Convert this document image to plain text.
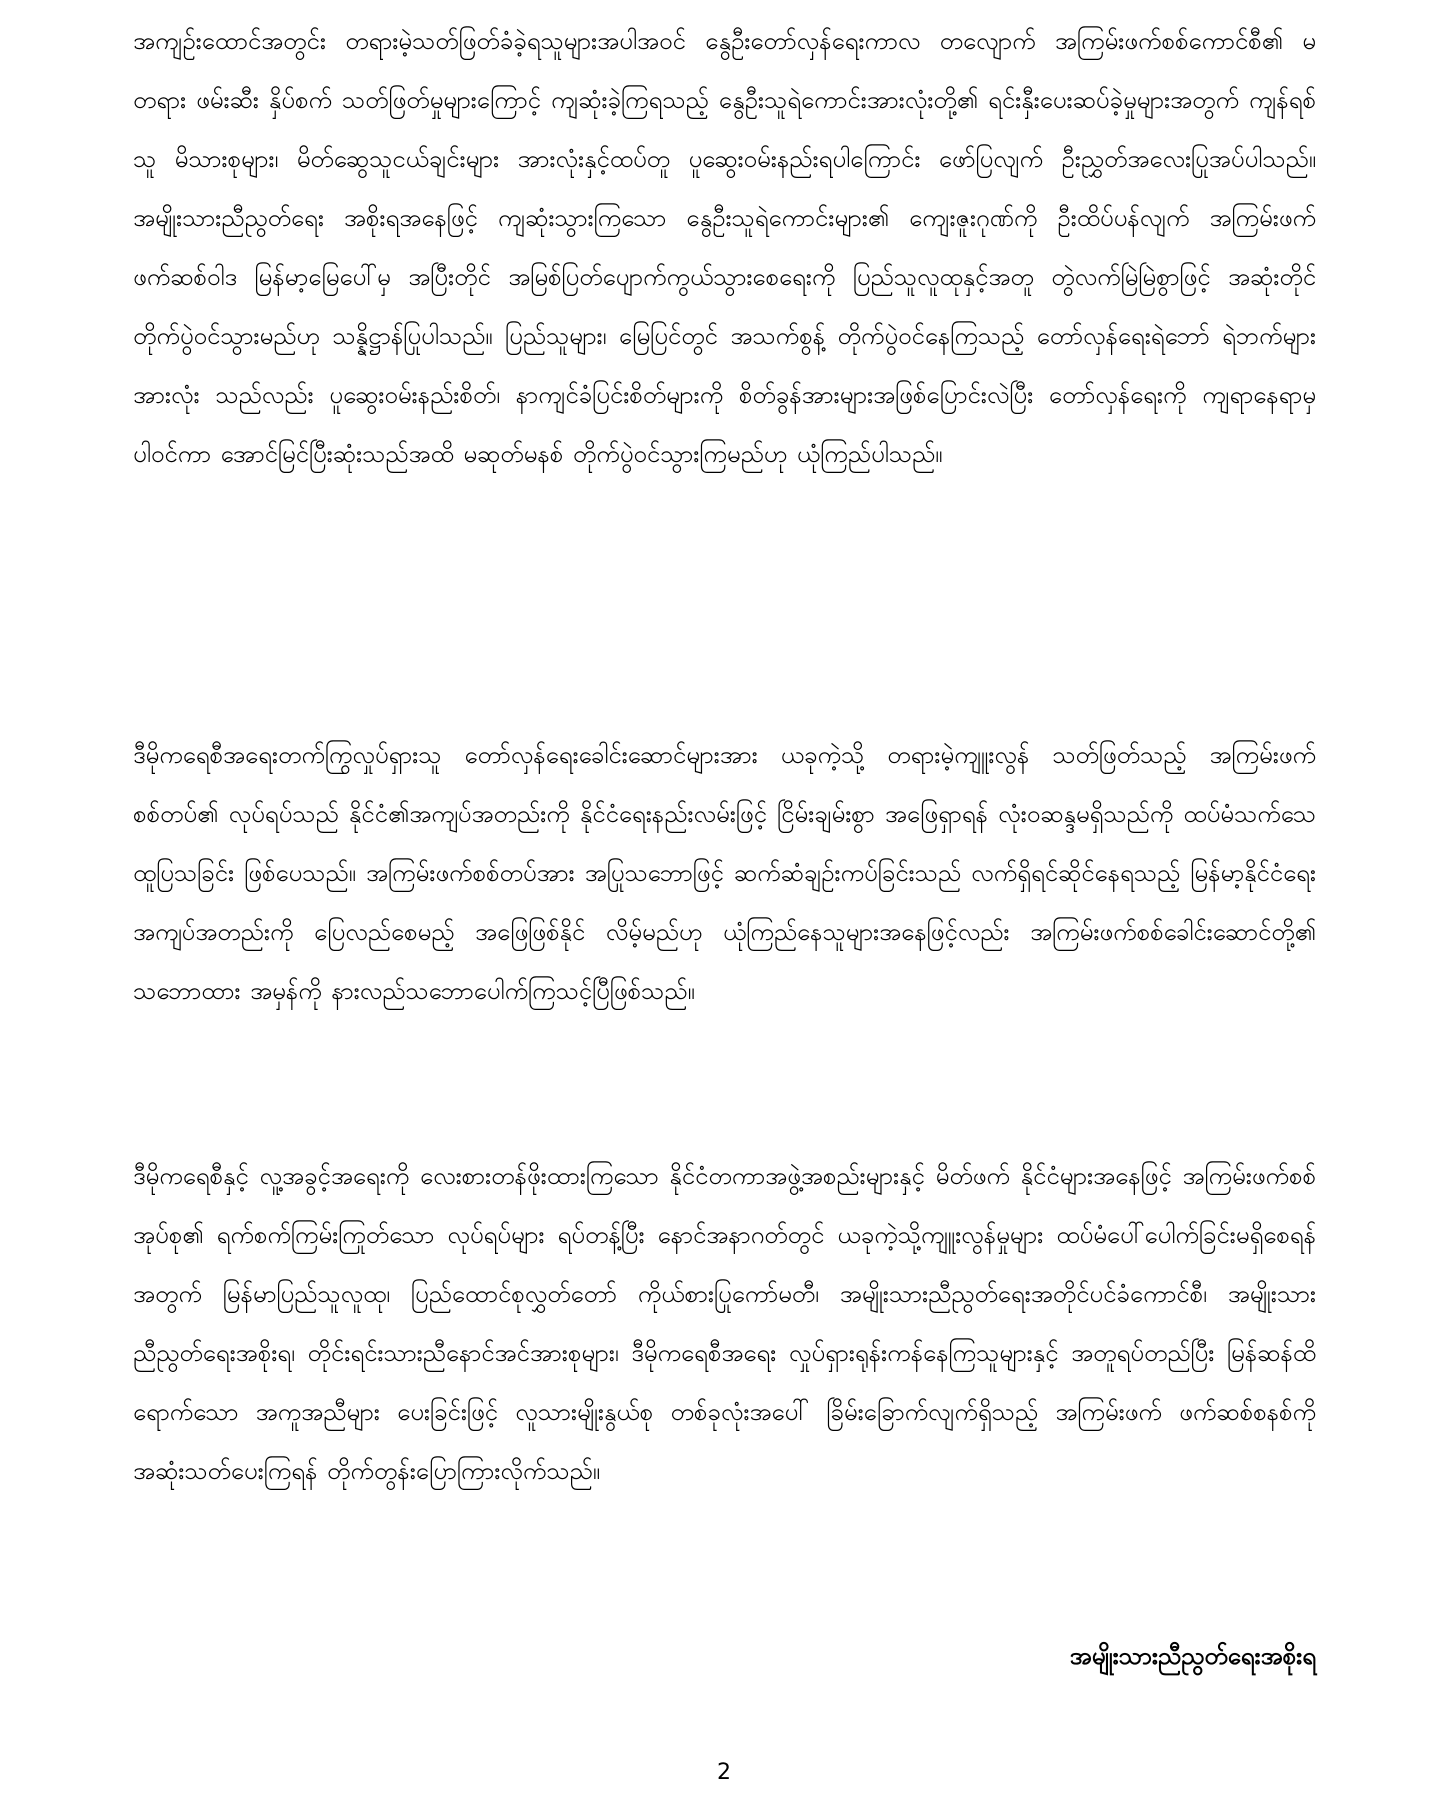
အကျဉ်းထောင်အတွင်း တရားမဲ့သတ်ဖြတ်ခံခဲ့ရသူများအပါအဝင် နွေဦးတော်လှန်ရေးကာလ တလျောက် အကြမ်းဖက်စစ်ကောင်စီ၏ မတရား ဖမ်းဆီး နှိပ်စက် သတ်ဖြတ်မှုများကြောင့် ကျဆုံးခဲ့ကြရသည့် နွေဦးသူရဲကောင်းအားလုံးတို့၏ ရင်းနှီးပေးဆပ်ခဲ့မှုများအတွက် ကျန်ရစ်သူ မိသားစုများ၊ မိတ်ဆွေသူငယ်ချင်းများ အားလုံးနှင့်ထပ်တူ ပူဆွေးဝမ်းနည်းရပါကြောင်း ဖော်ပြလျက် ဦးညွှတ်အလေးပြုအပ်ပါသည်။ အမျိုးသားညီညွတ်ရေး အစိုးရအနေဖြင့် ကျဆုံးသွားကြသော နွေဦးသူရဲကောင်းများ၏ ကျေးဇူးဂုဏ်ကို ဦးထိပ်ပန်လျက် အကြမ်းဖက် ဖက်ဆစ်ဝါဒ မြန်မာ့မြေပေါ်မှ အပြီးတိုင် အမြစ်ပြတ်ပျောက်ကွယ်သွားစေရေးကို ပြည်သူလူထုနှင့်အတူ တွဲလက်မြဲမြဲစွာဖြင့် အဆုံးတိုင် တိုက်ပွဲဝင်သွားမည်ဟု သန္နိဋ္ဌာန်ပြုပါသည်။ ပြည်သူများ၊ မြေပြင်တွင် အသက်စွန့် တိုက်ပွဲဝင်နေကြသည့် တော်လှန်ရေးရဲဘော် ရဲဘက်များအားလုံး သည်လည်း ပူဆွေးဝမ်းနည်းစိတ်၊ နာကျင်ခံပြင်းစိတ်များကို စိတ်ခွန်အားများအဖြစ်ပြောင်းလဲပြီး တော်လှန်ရေးကို ကျရာနေရာမှပါဝင်ကာ အောင်မြင်ပြီးဆုံးသည်အထိ မဆုတ်မနစ် တိုက်ပွဲဝင်သွားကြမည်ဟု ယုံကြည်ပါသည်။

ဒီမိုကရေစီအရေးတက်ကြွလှုပ်ရှားသူ တော်လှန်ရေးခေါင်းဆောင်များအား ယခုကဲ့သို့ တရားမဲ့ကျူးလွန် သတ်ဖြတ်သည့် အကြမ်းဖက်စစ်တပ်၏ လုပ်ရပ်သည် နိုင်ငံ၏အကျပ်အတည်းကို နိုင်ငံရေးနည်းလမ်းဖြင့် ငြိမ်းချမ်းစွာ အဖြေရှာရန် လုံးဝဆန္ဒမရှိသည်ကို ထပ်မံသက်သေထူပြသခြင်း ဖြစ်ပေသည်။ အကြမ်းဖက်စစ်တပ်အား အပြုသဘောဖြင့် ဆက်ဆံချဉ်းကပ်ခြင်းသည် လက်ရှိရင်ဆိုင်နေရသည့် မြန်မာ့နိုင်ငံရေးအကျပ်အတည်းကို ပြေလည်စေမည့် အဖြေဖြစ်နိုင် လိမ့်မည်ဟု ယုံကြည်နေသူများအနေဖြင့်လည်း အကြမ်းဖက်စစ်ခေါင်းဆောင်တို့၏ သဘောထား အမှန်ကို နားလည်သဘောပေါက်ကြသင့်ပြီဖြစ်သည်။

ဒီမိုကရေစီနှင့် လူ့အခွင့်အရေးကို လေးစားတန်ဖိုးထားကြသော နိုင်ငံတကာအဖွဲ့အစည်းများနှင့် မိတ်ဖက် နိုင်ငံများအနေဖြင့် အကြမ်းဖက်စစ်အုပ်စု၏ ရက်စက်ကြမ်းကြုတ်သော လုပ်ရပ်များ ရပ်တန့်ပြီး နောင်အနာဂတ်တွင် ယခုကဲ့သို့ကျူးလွန်မှုများ ထပ်မံပေါ်ပေါက်ခြင်းမရှိစေရန်အတွက် မြန်မာပြည်သူလူထု၊ ပြည်ထောင်စုလွှတ်တော် ကိုယ်စားပြုကော်မတီ၊ အမျိုးသားညီညွတ်ရေးအတိုင်ပင်ခံကောင်စီ၊ အမျိုးသားညီညွတ်ရေးအစိုးရ၊ တိုင်းရင်းသားညီနောင်အင်အားစုများ၊ ဒီမိုကရေစီအရေး လှုပ်ရှားရုန်းကန်နေကြသူများနှင့် အတူရပ်တည်ပြီး မြန်ဆန်ထိရောက်သော အကူအညီများ ပေးခြင်းဖြင့် လူသားမျိုးနွယ်စု တစ်ခုလုံးအပေါ် ခြိမ်းခြောက်လျက်ရှိသည့် အကြမ်းဖက် ဖက်ဆစ်စနစ်ကို အဆုံးသတ်ပေးကြရန် တိုက်တွန်းပြောကြားလိုက်သည်။

အမျိုးသားညီညွတ်ရေးအစိုးရ

2
